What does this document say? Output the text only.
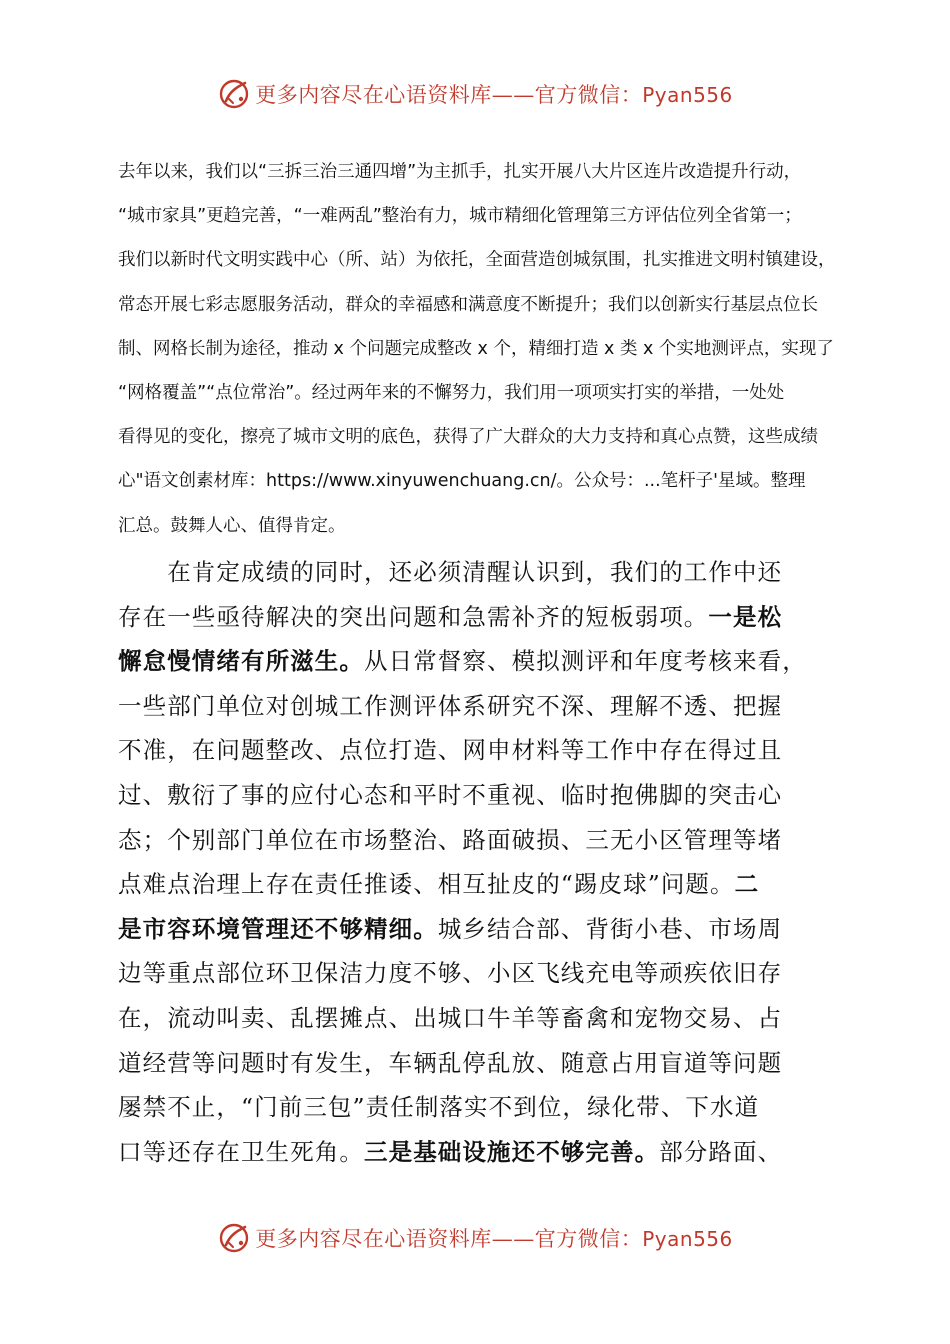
更多内容尽在心语资料库——官方微信：Pyan556
去年以来，我们以“三拆三治三通四增”为主抓手，扎实开展八大片区连片改造提升行动，
“城市家具”更趋完善，“一难两乱”整治有力，城市精细化管理第三方评估位列全省第一；
我们以新时代文明实践中心（所、站）为依托，全面营造创城氛围，扎实推进文明村镇建设，
常态开展七彩志愿服务活动，群众的幸福感和满意度不断提升；我们以创新实行基层点位长
制、网格长制为途径，推动 x 个问题完成整改 x 个，精细打造 x 类 x 个实地测评点，实现了
“网格覆盖”“点位常治”。经过两年来的不懈努力，我们用一项项实打实的举措，一处处
看得见的变化，擦亮了城市文明的底色，获得了广大群众的大力支持和真心点赞，这些成绩
心"语文创素材库：https://www.xinyuwenchuang.cn/。公众号：...笔杆子'星域。整理
汇总。鼓舞人心、值得肯定。
　　在肯定成绩的同时，还必须清醒认识到，我们的工作中还
存在一些亟待解决的突出问题和急需补齐的短板弱项。一是松
懈怠慢情绪有所滋生。从日常督察、模拟测评和年度考核来看，
一些部门单位对创城工作测评体系研究不深、理解不透、把握
不准，在问题整改、点位打造、网申材料等工作中存在得过且
过、敷衍了事的应付心态和平时不重视、临时抱佛脚的突击心
态；个别部门单位在市场整治、路面破损、三无小区管理等堵
点难点治理上存在责任推诿、相互扯皮的“踢皮球”问题。二
是市容环境管理还不够精细。城乡结合部、背街小巷、市场周
边等重点部位环卫保洁力度不够、小区飞线充电等顽疾依旧存
在，流动叫卖、乱摆摊点、出城口牛羊等畜禽和宠物交易、占
道经营等问题时有发生，车辆乱停乱放、随意占用盲道等问题
屡禁不止，“门前三包”责任制落实不到位，绿化带、下水道
口等还存在卫生死角。三是基础设施还不够完善。部分路面、
更多内容尽在心语资料库——官方微信：Pyan556
